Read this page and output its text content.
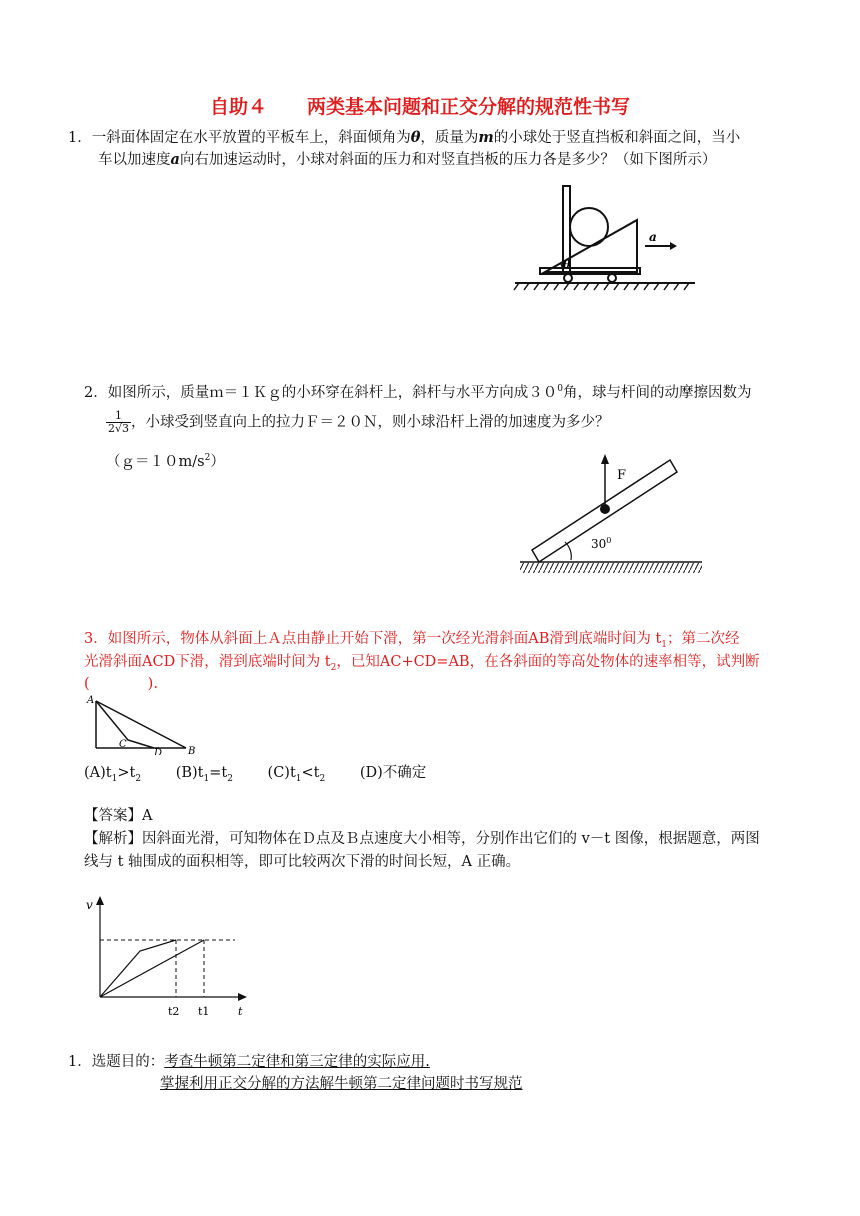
自助４ 两类基本问题和正交分解的规范性书写
1．一斜面体固定在水平放置的平板车上，斜面倾角为θ，质量为m的小球处于竖直挡板和斜面之间，当小
车以加速度a向右加速运动时，小球对斜面的压力和对竖直挡板的压力各是多少？（如下图所示）
θ
a
2．如图所示，质量ｍ＝１Ｋｇ的小环穿在斜杆上，斜杆与水平方向成$30^0$角，球与杆间的动摩擦因数为
$\frac{1}{2√3}$ ，小球受到竖直向上的拉力Ｆ＝２０Ｎ，则小球沿杆上滑的加速度为多少？
$(g=10m/s^2)$
F
$30^0$
3．如图所示，物体从斜面上Ａ点由静止开始下滑，第一次经光滑斜面AB滑到底端时间为 $t_1$；第二次经
光滑斜面ACD下滑，滑到底端时间为 $t_2$，已知AC+CD=AB，在各斜面的等高处物体的速率相等，试判断
(　　　　).
A
C
D	B
$(A)t_1>t_2$ $(B)t_1=t_2$ $(C)t_1<t_2$ (D)不确定
【答案】A
【解析】因斜面光滑，可知物体在Ｄ点及Ｂ点速度大小相等，分别作出它们的 v－t 图像，根据题意，两图
线与 t 轴围成的面积相等，即可比较两次下滑的时间长短，A 正确。
v
t2 t1	t
1．选题目的：考查牛顿第二定律和第三定律的实际应用.
掌握利用正交分解的方法解牛顿第二定律问题时书写规范
